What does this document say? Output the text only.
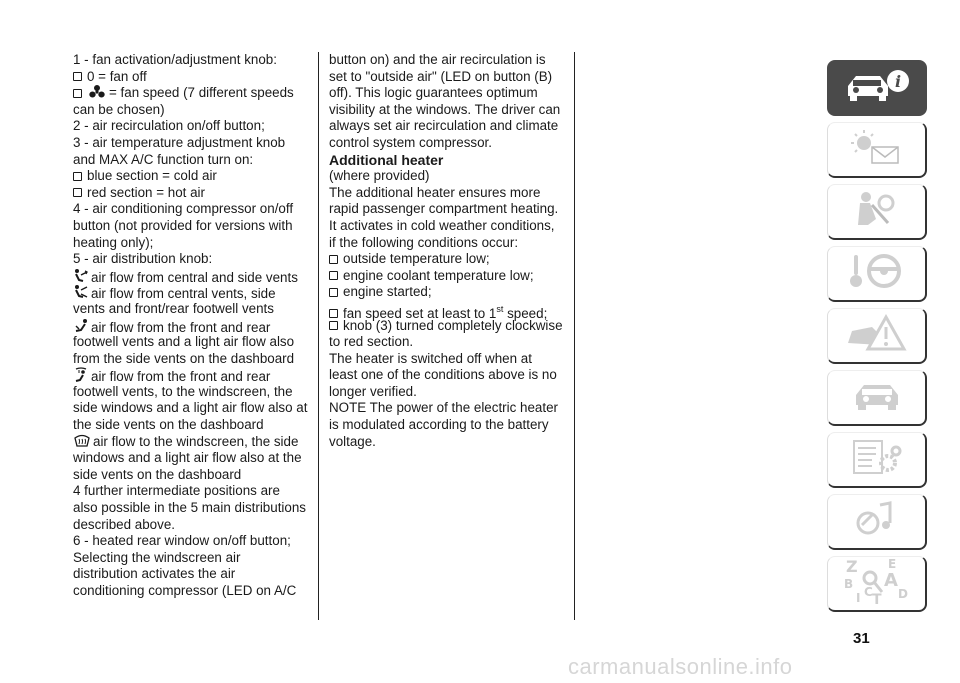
1 - fan activation/adjustment knob:
0 = fan off
= fan speed (7 different speeds
can be chosen)
2 - air recirculation on/off button;
3 - air temperature adjustment knob
and MAX A/C function turn on:
blue section = cold air
red section = hot air
4 - air conditioning compressor on/off
button (not provided for versions with
heating only);
5 - air distribution knob:
air flow from central and side vents
air flow from central vents, side
vents and front/rear footwell vents
air flow from the front and rear
footwell vents and a light air flow also
from the side vents on the dashboard
air flow from the front and rear
footwell vents, to the windscreen, the
side windows and a light air flow also at
the side vents on the dashboard
air flow to the windscreen, the side
windows and a light air flow also at the
side vents on the dashboard
4 further intermediate positions are
also possible in the 5 main distributions
described above.
6 - heated rear window on/off button;
Selecting the windscreen air
distribution activates the air
conditioning compressor (LED on A/C
button on) and the air recirculation is
set to "outside air" (LED on button (B)
off). This logic guarantees optimum
visibility at the windows. The driver can
always set air recirculation and climate
control system compressor.
Additional heater
(where provided)
The additional heater ensures more
rapid passenger compartment heating.
It activates in cold weather conditions,
if the following conditions occur:
outside temperature low;
engine coolant temperature low;
engine started;
fan speed set at least to 1st speed;
knob (3) turned completely clockwise
to red section.
The heater is switched off when at
least one of the conditions above is no
longer verified.
NOTE The power of the electric heater
is modulated according to the battery
voltage.
i
Z	E
A
B
I C T D
31
carmanualsonline.info
